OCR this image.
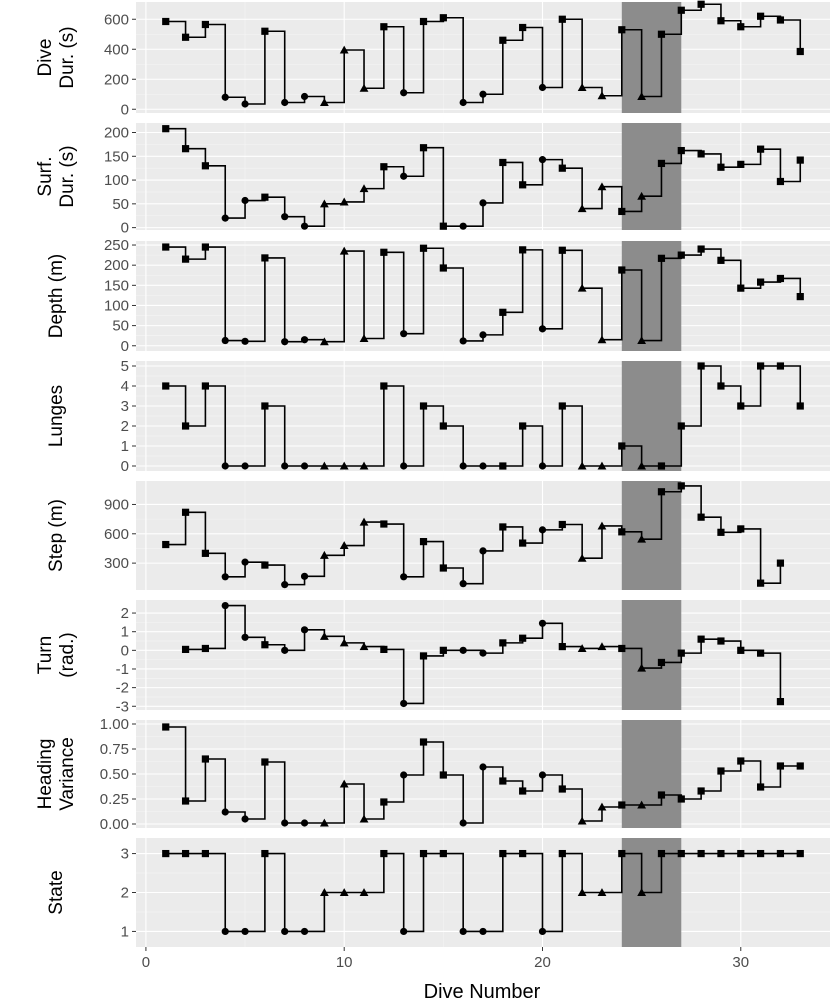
Dive Number
0
200
400
600
Dive Dur. (s)
0
50
100
150
200
Surf. Dur. (s)
0
50
100
150
200
250
Depth (m)
0
1
2
3
4
5
Lunges
300
600
900
Step (m)
-3
-2
-1
0
1
2
Turn (rad.)
0.00
0.25
0.50
0.75
1.00
Heading Variance
1
2
3
State
0	10	20	30
